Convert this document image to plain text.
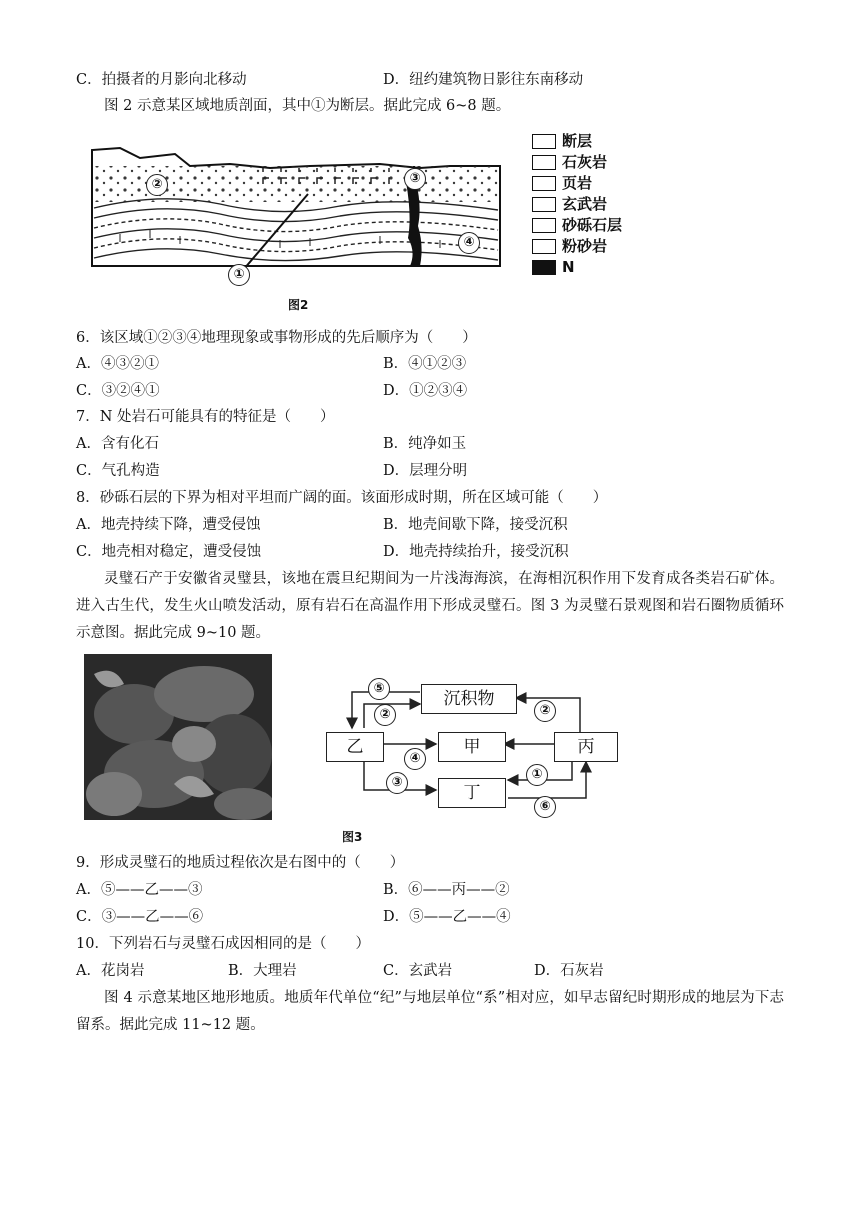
C．拍摄者的月影向北移动	D．纽约建筑物日影往东南移动
图 2 示意某区域地质剖面，其中①为断层。据此完成 6~8 题。
②	③
④
①
图2
断层
石灰岩
页岩
玄武岩
砂砾石层
粉砂岩
N
6．该区域①②③④地理现象或事物形成的先后顺序为（　　）
A．④③②①	B．④①②③
C．③②④①	D．①②③④
7．N 处岩石可能具有的特征是（　　）
A．含有化石	B．纯净如玉
C．气孔构造	D．层理分明
8．砂砾石层的下界为相对平坦而广阔的面。该面形成时期，所在区域可能（　　）
A．地壳持续下降，遭受侵蚀	B．地壳间歇下降，接受沉积
C．地壳相对稳定，遭受侵蚀	D．地壳持续抬升，接受沉积
灵璧石产于安徽省灵璧县，该地在震旦纪期间为一片浅海海滨，在海相沉积作用下发育成各类岩石矿体。进入古生代，发生火山喷发活动，原有岩石在高温作用下形成灵璧石。图 3 为灵璧石景观图和岩石圈物质循环示意图。据此完成 9~10 题。
沉积物
乙	甲	丙
丁
⑤
②	②
④
③
①
⑥
图3
9．形成灵璧石的地质过程依次是右图中的（　　）
A．⑤——乙——③	B．⑥——丙——②
C．③——乙——⑥	D．⑤——乙——④
10．下列岩石与灵璧石成因相同的是（　　）
A．花岗岩	B．大理岩	C．玄武岩	D．石灰岩
图 4 示意某地区地形地质。地质年代单位“纪”与地层单位“系”相对应，如早志留纪时期形成的地层为下志留系。据此完成 11~12 题。
